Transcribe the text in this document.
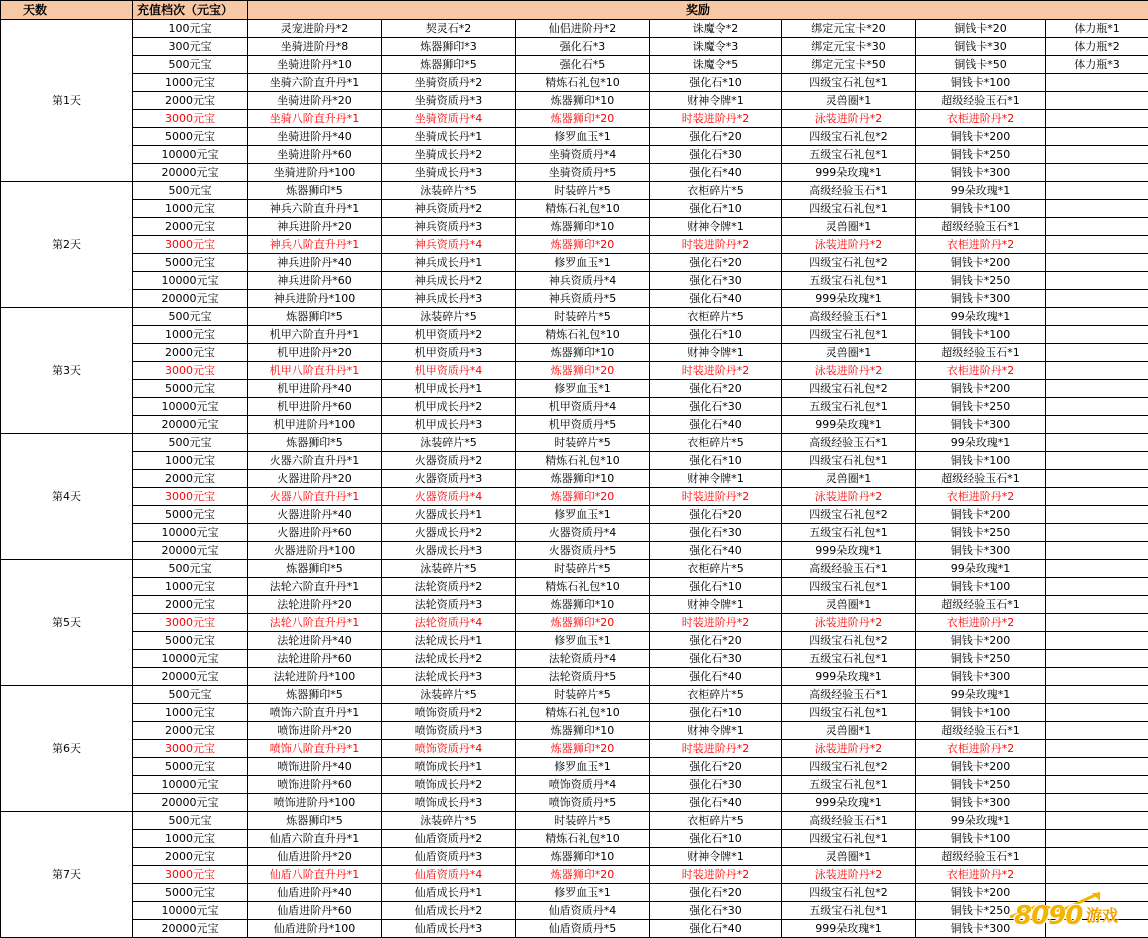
天数	充值档次（元宝）	奖励						
第1天	100元宝	灵宠进阶丹*2	契灵石*2	仙侣进阶丹*2	诛魔令*2	绑定元宝卡*20	铜钱卡*20	体力瓶*1
	300元宝	坐骑进阶丹*8	炼器狮印*3	强化石*3	诛魔令*3	绑定元宝卡*30	铜钱卡*30	体力瓶*2
	500元宝	坐骑进阶丹*10	炼器狮印*5	强化石*5	诛魔令*5	绑定元宝卡*50	铜钱卡*50	体力瓶*3
	1000元宝	坐骑六阶直升丹*1	坐骑资质丹*2	精炼石礼包*10	强化石*10	四级宝石礼包*1	铜钱卡*100	
	2000元宝	坐骑进阶丹*20	坐骑资质丹*3	炼器狮印*10	财神令牌*1	灵兽圈*1	超级经验玉石*1	
	3000元宝	坐骑八阶直升丹*1	坐骑资质丹*4	炼器狮印*20	时装进阶丹*2	泳装进阶丹*2	衣柜进阶丹*2	
	5000元宝	坐骑进阶丹*40	坐骑成长丹*1	修罗血玉*1	强化石*20	四级宝石礼包*2	铜钱卡*200	
	10000元宝	坐骑进阶丹*60	坐骑成长丹*2	坐骑资质丹*4	强化石*30	五级宝石礼包*1	铜钱卡*250	
	20000元宝	坐骑进阶丹*100	坐骑成长丹*3	坐骑资质丹*5	强化石*40	999朵玫瑰*1	铜钱卡*300	
第2天	500元宝	炼器狮印*5	泳装碎片*5	时装碎片*5	衣柜碎片*5	高级经验玉石*1	99朵玫瑰*1	
	1000元宝	神兵六阶直升丹*1	神兵资质丹*2	精炼石礼包*10	强化石*10	四级宝石礼包*1	铜钱卡*100	
	2000元宝	神兵进阶丹*20	神兵资质丹*3	炼器狮印*10	财神令牌*1	灵兽圈*1	超级经验玉石*1	
	3000元宝	神兵八阶直升丹*1	神兵资质丹*4	炼器狮印*20	时装进阶丹*2	泳装进阶丹*2	衣柜进阶丹*2	
	5000元宝	神兵进阶丹*40	神兵成长丹*1	修罗血玉*1	强化石*20	四级宝石礼包*2	铜钱卡*200	
	10000元宝	神兵进阶丹*60	神兵成长丹*2	神兵资质丹*4	强化石*30	五级宝石礼包*1	铜钱卡*250	
	20000元宝	神兵进阶丹*100	神兵成长丹*3	神兵资质丹*5	强化石*40	999朵玫瑰*1	铜钱卡*300	
第3天	500元宝	炼器狮印*5	泳装碎片*5	时装碎片*5	衣柜碎片*5	高级经验玉石*1	99朵玫瑰*1	
	1000元宝	机甲六阶直升丹*1	机甲资质丹*2	精炼石礼包*10	强化石*10	四级宝石礼包*1	铜钱卡*100	
	2000元宝	机甲进阶丹*20	机甲资质丹*3	炼器狮印*10	财神令牌*1	灵兽圈*1	超级经验玉石*1	
	3000元宝	机甲八阶直升丹*1	机甲资质丹*4	炼器狮印*20	时装进阶丹*2	泳装进阶丹*2	衣柜进阶丹*2	
	5000元宝	机甲进阶丹*40	机甲成长丹*1	修罗血玉*1	强化石*20	四级宝石礼包*2	铜钱卡*200	
	10000元宝	机甲进阶丹*60	机甲成长丹*2	机甲资质丹*4	强化石*30	五级宝石礼包*1	铜钱卡*250	
	20000元宝	机甲进阶丹*100	机甲成长丹*3	机甲资质丹*5	强化石*40	999朵玫瑰*1	铜钱卡*300	
第4天	500元宝	炼器狮印*5	泳装碎片*5	时装碎片*5	衣柜碎片*5	高级经验玉石*1	99朵玫瑰*1	
	1000元宝	火器六阶直升丹*1	火器资质丹*2	精炼石礼包*10	强化石*10	四级宝石礼包*1	铜钱卡*100	
	2000元宝	火器进阶丹*20	火器资质丹*3	炼器狮印*10	财神令牌*1	灵兽圈*1	超级经验玉石*1	
	3000元宝	火器八阶直升丹*1	火器资质丹*4	炼器狮印*20	时装进阶丹*2	泳装进阶丹*2	衣柜进阶丹*2	
	5000元宝	火器进阶丹*40	火器成长丹*1	修罗血玉*1	强化石*20	四级宝石礼包*2	铜钱卡*200	
	10000元宝	火器进阶丹*60	火器成长丹*2	火器资质丹*4	强化石*30	五级宝石礼包*1	铜钱卡*250	
	20000元宝	火器进阶丹*100	火器成长丹*3	火器资质丹*5	强化石*40	999朵玫瑰*1	铜钱卡*300	
第5天	500元宝	炼器狮印*5	泳装碎片*5	时装碎片*5	衣柜碎片*5	高级经验玉石*1	99朵玫瑰*1	
	1000元宝	法轮六阶直升丹*1	法轮资质丹*2	精炼石礼包*10	强化石*10	四级宝石礼包*1	铜钱卡*100	
	2000元宝	法轮进阶丹*20	法轮资质丹*3	炼器狮印*10	财神令牌*1	灵兽圈*1	超级经验玉石*1	
	3000元宝	法轮八阶直升丹*1	法轮资质丹*4	炼器狮印*20	时装进阶丹*2	泳装进阶丹*2	衣柜进阶丹*2	
	5000元宝	法轮进阶丹*40	法轮成长丹*1	修罗血玉*1	强化石*20	四级宝石礼包*2	铜钱卡*200	
	10000元宝	法轮进阶丹*60	法轮成长丹*2	法轮资质丹*4	强化石*30	五级宝石礼包*1	铜钱卡*250	
	20000元宝	法轮进阶丹*100	法轮成长丹*3	法轮资质丹*5	强化石*40	999朵玫瑰*1	铜钱卡*300	
第6天	500元宝	炼器狮印*5	泳装碎片*5	时装碎片*5	衣柜碎片*5	高级经验玉石*1	99朵玫瑰*1	
	1000元宝	喷饰六阶直升丹*1	喷饰资质丹*2	精炼石礼包*10	强化石*10	四级宝石礼包*1	铜钱卡*100	
	2000元宝	喷饰进阶丹*20	喷饰资质丹*3	炼器狮印*10	财神令牌*1	灵兽圈*1	超级经验玉石*1	
	3000元宝	喷饰八阶直升丹*1	喷饰资质丹*4	炼器狮印*20	时装进阶丹*2	泳装进阶丹*2	衣柜进阶丹*2	
	5000元宝	喷饰进阶丹*40	喷饰成长丹*1	修罗血玉*1	强化石*20	四级宝石礼包*2	铜钱卡*200	
	10000元宝	喷饰进阶丹*60	喷饰成长丹*2	喷饰资质丹*4	强化石*30	五级宝石礼包*1	铜钱卡*250	
	20000元宝	喷饰进阶丹*100	喷饰成长丹*3	喷饰资质丹*5	强化石*40	999朵玫瑰*1	铜钱卡*300	
第7天	500元宝	炼器狮印*5	泳装碎片*5	时装碎片*5	衣柜碎片*5	高级经验玉石*1	99朵玫瑰*1	
	1000元宝	仙盾六阶直升丹*1	仙盾资质丹*2	精炼石礼包*10	强化石*10	四级宝石礼包*1	铜钱卡*100	
	2000元宝	仙盾进阶丹*20	仙盾资质丹*3	炼器狮印*10	财神令牌*1	灵兽圈*1	超级经验玉石*1	
	3000元宝	仙盾八阶直升丹*1	仙盾资质丹*4	炼器狮印*20	时装进阶丹*2	泳装进阶丹*2	衣柜进阶丹*2	
	5000元宝	仙盾进阶丹*40	仙盾成长丹*1	修罗血玉*1	强化石*20	四级宝石礼包*2	铜钱卡*200	
	10000元宝	仙盾进阶丹*60	仙盾成长丹*2	仙盾资质丹*4	强化石*30	五级宝石礼包*1	铜钱卡*250	
	20000元宝	仙盾进阶丹*100	仙盾成长丹*3	仙盾资质丹*5	强化石*40	999朵玫瑰*1	铜钱卡*300	8090 游戏
